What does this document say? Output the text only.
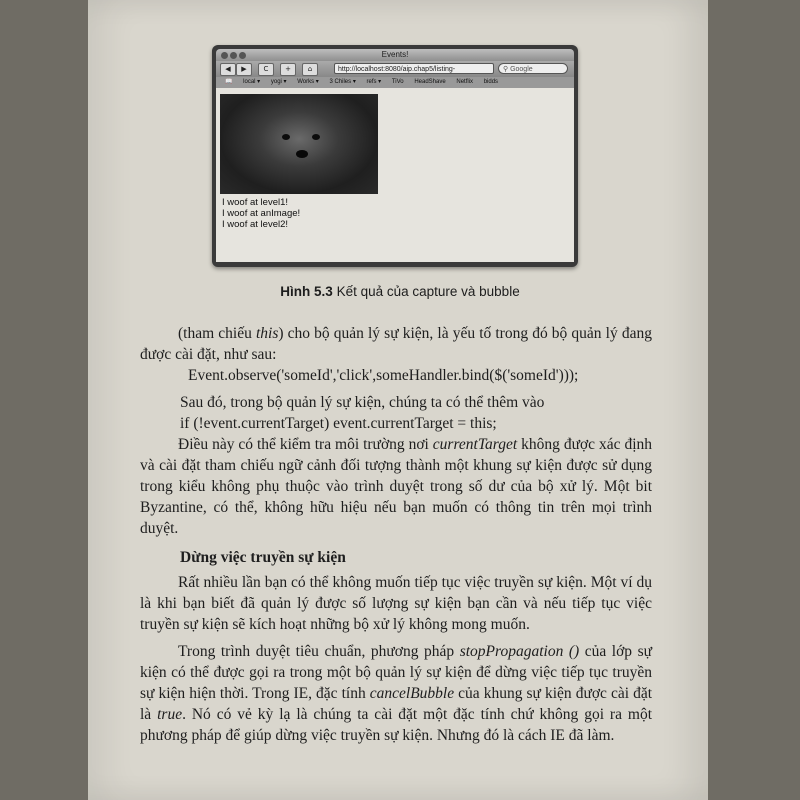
Events!
◀	▶	C	+	⌂	http://localhost:8080/aip.chap5/listing-	⚲ Google
📖 local ▾ yogi ▾ Works ▾ 3 Chiles ▾ refs ▾ TiVo HeadShave Netflix bidds
I woof at level1!
I woof at anImage!
I woof at level2!
Hình 5.3 Kết quả của capture và bubble

(tham chiếu this) cho bộ quản lý sự kiện, là yếu tố trong đó bộ quản lý đang được cài đặt, như sau:

Event.observe('someId','click',someHandler.bind($('someId')));

Sau đó, trong bộ quản lý sự kiện, chúng ta có thể thêm vào

if (!event.currentTarget) event.currentTarget = this;

Điều này có thể kiểm tra môi trường nơi currentTarget không được xác định và cài đặt tham chiếu ngữ cảnh đối tượng thành một khung sự kiện được sử dụng trong kiểu không phụ thuộc vào trình duyệt trong số dư của bộ xử lý. Một bit Byzantine, có thể, không hữu hiệu nếu bạn muốn có thông tin trên mọi trình duyệt.

Dừng việc truyền sự kiện

Rất nhiều lần bạn có thể không muốn tiếp tục việc truyền sự kiện. Một ví dụ là khi bạn biết đã quản lý được số lượng sự kiện bạn cần và nếu tiếp tục việc truyền sự kiện sẽ kích hoạt những bộ xử lý không mong muốn.

Trong trình duyệt tiêu chuẩn, phương pháp stopPropagation () của lớp sự kiện có thể được gọi ra trong một bộ quản lý sự kiện để dừng việc tiếp tục truyền sự kiện hiện thời. Trong IE, đặc tính cancelBubble của khung sự kiện được cài đặt là true. Nó có vẻ kỳ lạ là chúng ta cài đặt một đặc tính chứ không gọi ra một phương pháp để giúp dừng việc truyền sự kiện. Nhưng đó là cách IE đã làm.
